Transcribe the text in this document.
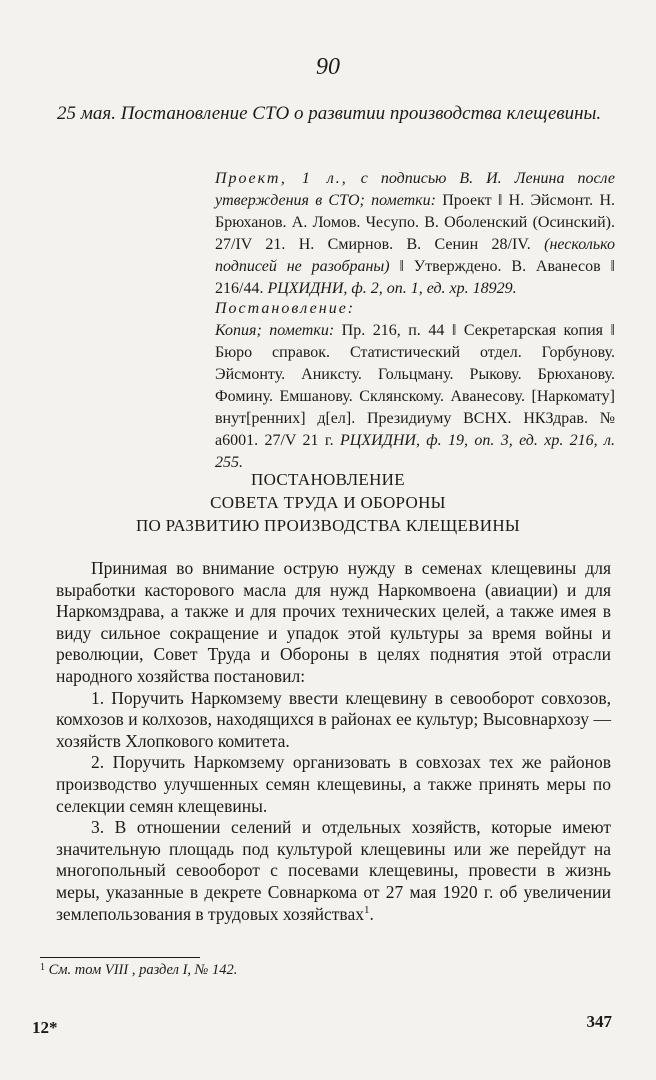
90
25 мая. Постановление СТО о развитии производства клещевины.
Проект, 1 л., с подписью В. И. Ленина после утверждения в СТО; пометки: Проект ‖ Н. Эйсмонт. Н. Брюханов. А. Ломов. Чесупо. В. Оболенский (Осинский). 27/IV 21. Н. Смирнов. В. Сенин 28/IV. (несколько подписей не разобраны) ‖ Утверждено. В. Аванесов ‖ 216/44. РЦХИДНИ, ф. 2, оп. 1, ед. хр. 18929.
Постановление:
Копия; пометки: Пр. 216, п. 44 ‖ Секретарская копия ‖ Бюро справок. Статистический отдел. Горбунову. Эйсмонту. Аникcту. Гольцману. Рыкову. Брюханову. Фомину. Емшанову. Склянскому. Аванесову. [Наркомату] внут[ренних] д[ел]. Президиуму ВСНХ. НКЗдрав. № а6001. 27/V 21 г. РЦХИДНИ, ф. 19, оп. 3, ед. хр. 216, л. 255.
ПОСТАНОВЛЕНИЕ
СОВЕТА ТРУДА И ОБОРОНЫ
ПО РАЗВИТИЮ ПРОИЗВОДСТВА КЛЕЩЕВИНЫ

Принимая во внимание острую нужду в семенах клещевины для выработки касторового масла для нужд Наркомвоена (авиации) и для Наркомздрава, а также и для прочих технических целей, а также имея в виду сильное сокращение и упадок этой культуры за время войны и революции, Совет Труда и Обороны в целях поднятия этой отрасли народного хозяйства постановил:

1. Поручить Наркомзему ввести клещевину в севооборот совхозов, комхозов и колхозов, находящихся в районах ее культур; Высовнархозу — хозяйств Хлопкового комитета.

2. Поручить Наркомзему организовать в совхозах тех же районов производство улучшенных семян клещевины, а также принять меры по селекции семян клещевины.

3. В отношении селений и отдельных хозяйств, которые имеют значительную площадь под культурой клещевины или же перейдут на многопольный севооборот с посевами клещевины, провести в жизнь меры, указанные в декрете Совнаркома от 27 мая 1920 г. об увеличении землепользования в трудовых хозяйствах$^1$.

$^1$ См. том VIII , раздел I, № 142.
12*	347
